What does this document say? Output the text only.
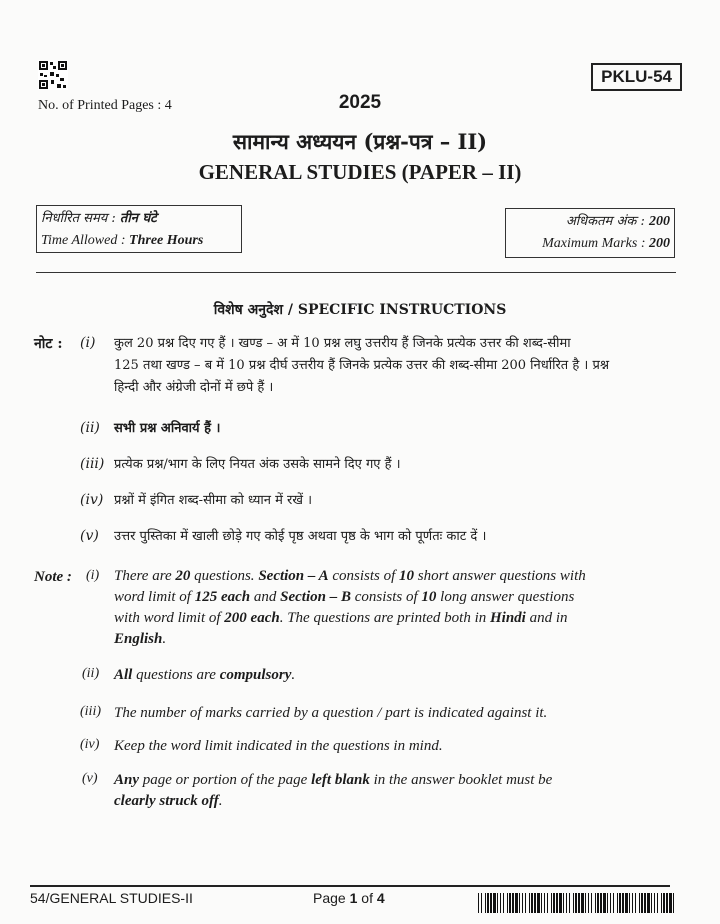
PKLU-54
No. of Printed Pages : 4	2025
सामान्य अध्ययन (प्रश्न-पत्र – II)
GENERAL STUDIES (PAPER – II)
निर्धारित समय : तीन घंटे
Time Allowed : Three Hours
अधिकतम अंक : 200
Maximum Marks : 200
विशेष अनुदेश / SPECIFIC INSTRUCTIONS
नोट : (i) कुल 20 प्रश्न दिए गए हैं । खण्ड – अ में 10 प्रश्न लघु उत्तरीय हैं जिनके प्रत्येक उत्तर की शब्द-सीमा
125 तथा खण्ड – ब में 10 प्रश्न दीर्घ उत्तरीय हैं जिनके प्रत्येक उत्तर की शब्द-सीमा 200 निर्धारित है । प्रश्न
हिन्दी और अंग्रेजी दोनों में छपे हैं ।
(ii) सभी प्रश्न अनिवार्य हैं ।
(iii) प्रत्येक प्रश्न/भाग के लिए नियत अंक उसके सामने दिए गए हैं ।
(iv) प्रश्नों में इंगित शब्द-सीमा को ध्यान में रखें ।
(v) उत्तर पुस्तिका में खाली छोड़े गए कोई पृष्ठ अथवा पृष्ठ के भाग को पूर्णतः काट दें ।
Note : (i) There are 20 questions. Section – A consists of 10 short answer questions with
word limit of 125 each and Section – B consists of 10 long answer questions
with word limit of 200 each. The questions are printed both in Hindi and in
English.
(ii) All questions are compulsory.
(iii) The number of marks carried by a question / part is indicated against it.
(iv) Keep the word limit indicated in the questions in mind.
(v) Any page or portion of the page left blank in the answer booklet must be
clearly struck off.
54/GENERAL STUDIES-II	Page 1 of 4
